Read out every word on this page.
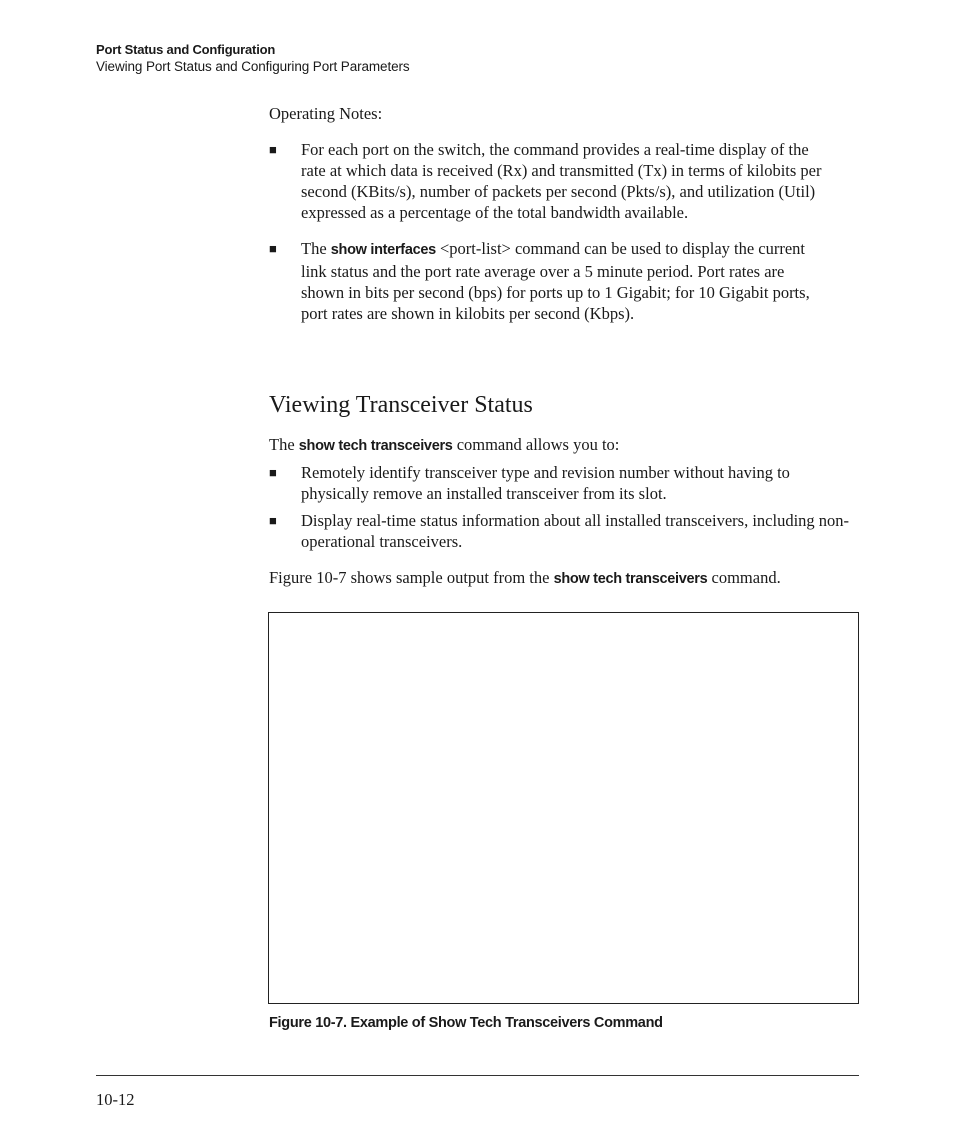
Port Status and Configuration
Viewing Port Status and Configuring Port Parameters
Operating Notes:
■ For each port on the switch, the command provides a real-time display of the rate at which data is received (Rx) and transmitted (Tx) in terms of kilobits per second (KBits/s), number of packets per second (Pkts/s), and utilization (Util) expressed as a percentage of the total bandwidth available.
■ The show interfaces <port-list> command can be used to display the current link status and the port rate average over a 5 minute period. Port rates are shown in bits per second (bps) for ports up to 1 Gigabit; for 10 Gigabit ports, port rates are shown in kilobits per second (Kbps).
Viewing Transceiver Status
The show tech transceivers command allows you to:
■ Remotely identify transceiver type and revision number without having to physically remove an installed transceiver from its slot.
■ Display real-time status information about all installed transceivers, including non-operational transceivers.
Figure 10-7 shows sample output from the show tech transceivers command.
Figure 10-7. Example of Show Tech Transceivers Command
10-12
